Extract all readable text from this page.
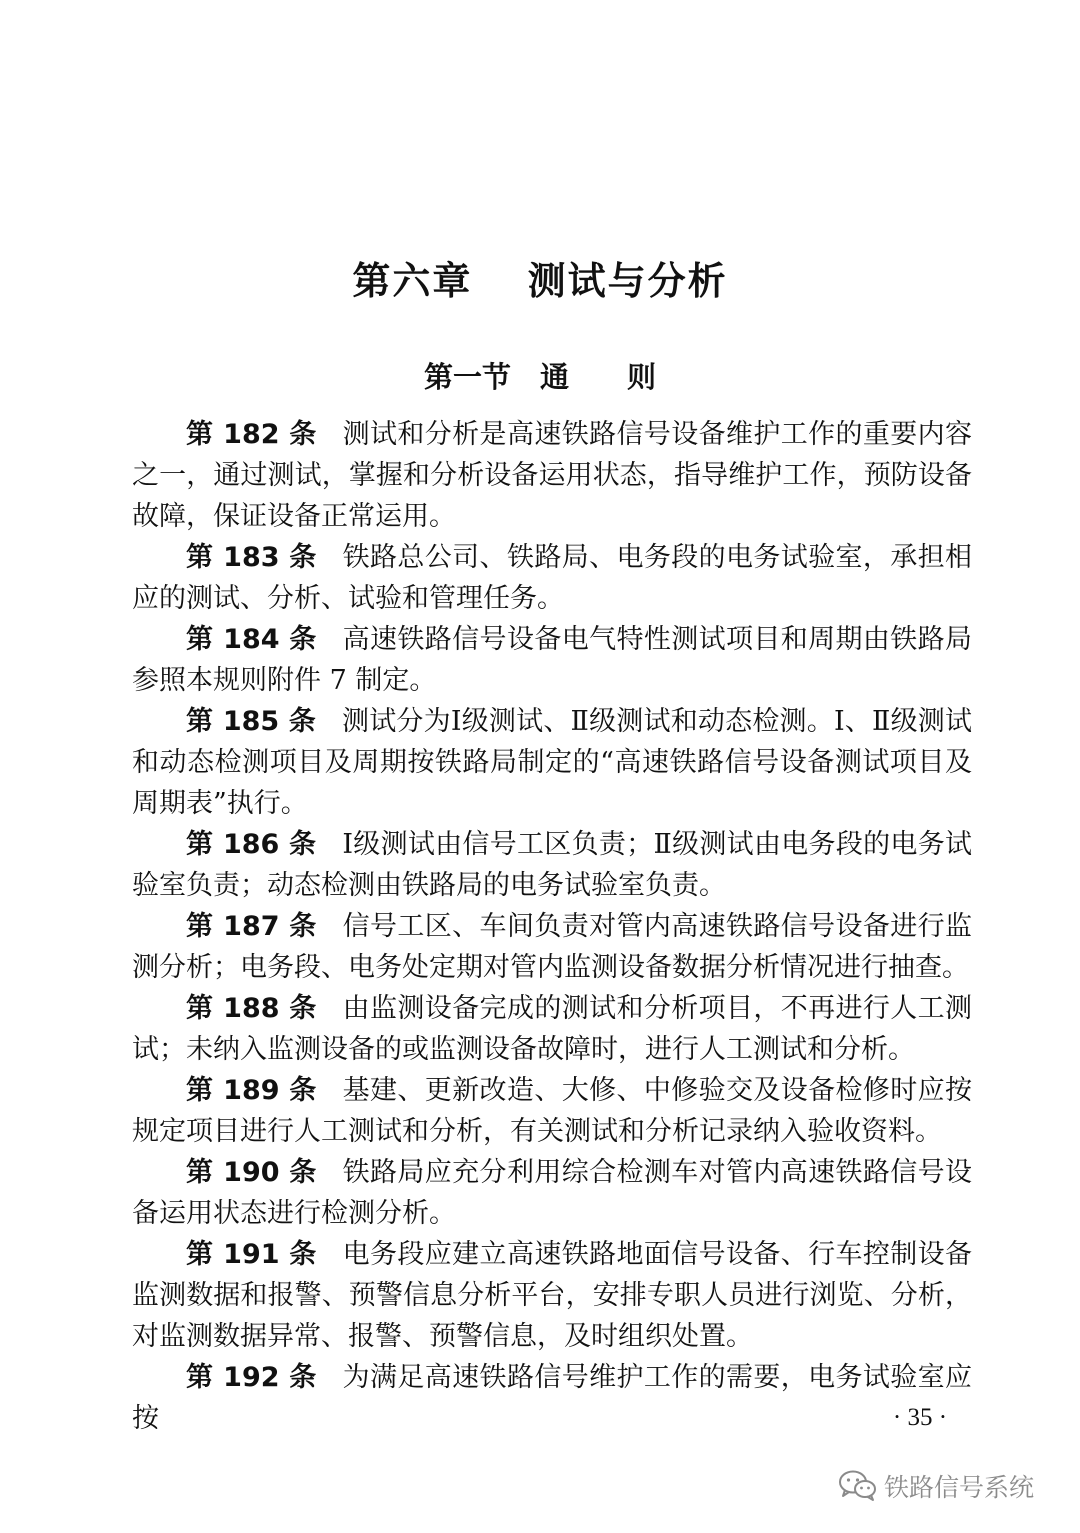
第六章　 测试与分析
第一节　通　　则

第 182 条 测试和分析是高速铁路信号设备维护工作的重要内容之一，通过测试，掌握和分析设备运用状态，指导维护工作，预防设备故障，保证设备正常运用。

第 183 条 铁路总公司、铁路局、电务段的电务试验室，承担相应的测试、分析、试验和管理任务。

第 184 条 高速铁路信号设备电气特性测试项目和周期由铁路局参照本规则附件 7 制定。

第 185 条 测试分为Ⅰ级测试、Ⅱ级测试和动态检测。Ⅰ、Ⅱ级测试和动态检测项目及周期按铁路局制定的“高速铁路信号设备测试项目及周期表”执行。

第 186 条 Ⅰ级测试由信号工区负责；Ⅱ级测试由电务段的电务试验室负责；动态检测由铁路局的电务试验室负责。

第 187 条 信号工区、车间负责对管内高速铁路信号设备进行监测分析；电务段、电务处定期对管内监测设备数据分析情况进行抽查。

第 188 条 由监测设备完成的测试和分析项目，不再进行人工测试；未纳入监测设备的或监测设备故障时，进行人工测试和分析。

第 189 条 基建、更新改造、大修、中修验交及设备检修时应按规定项目进行人工测试和分析，有关测试和分析记录纳入验收资料。

第 190 条 铁路局应充分利用综合检测车对管内高速铁路信号设备运用状态进行检测分析。

第 191 条 电务段应建立高速铁路地面信号设备、行车控制设备监测数据和报警、预警信息分析平台，安排专职人员进行浏览、分析，对监测数据异常、报警、预警信息，及时组织处置。

第 192 条 为满足高速铁路信号维护工作的需要，电务试验室应按	· 35 ·
铁路信号系统
